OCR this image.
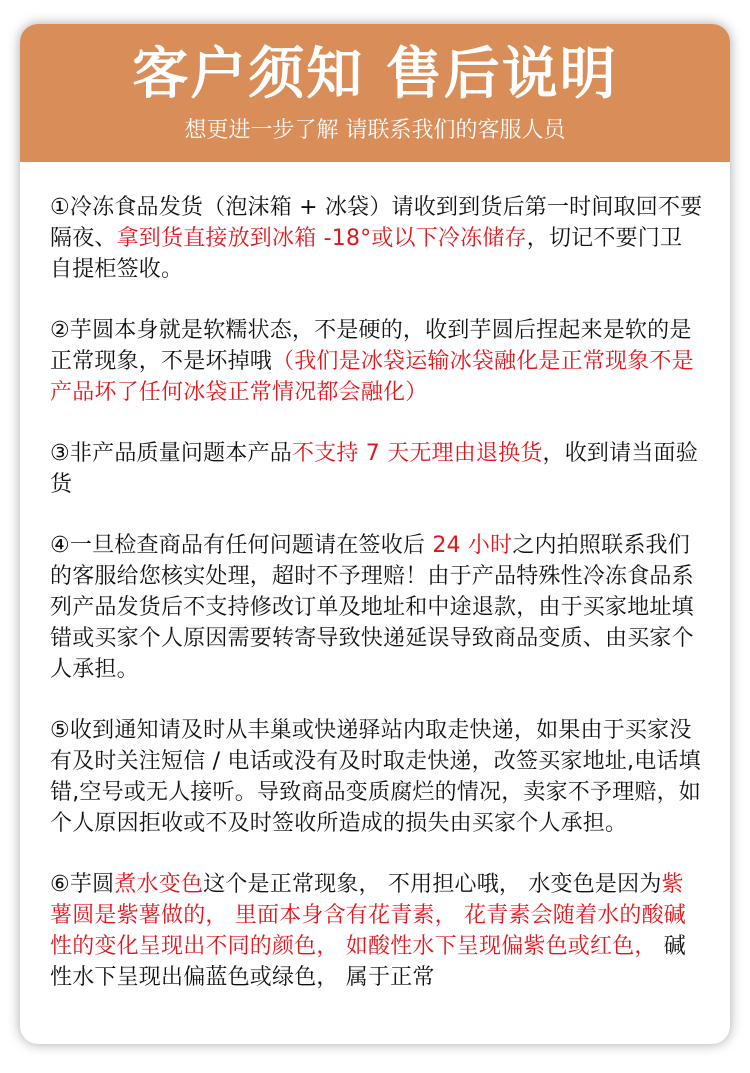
客户须知 售后说明
想更进一步了解 请联系我们的客服人员

①冷冻食品发货（泡沫箱 + 冰袋）请收到到货后第一时间取回不要隔夜、拿到货直接放到冰箱 -18°或以下冷冻储存，切记不要门卫自提柜签收。

②芋圆本身就是软糯状态，不是硬的，收到芋圆后捏起来是软的是正常现象，不是坏掉哦（我们是冰袋运输冰袋融化是正常现象不是产品坏了任何冰袋正常情况都会融化）

③非产品质量问题本产品不支持 7 天无理由退换货，收到请当面验货

④一旦检查商品有任何问题请在签收后 24 小时之内拍照联系我们的客服给您核实处理，超时不予理赔！由于产品特殊性冷冻食品系列产品发货后不支持修改订单及地址和中途退款，由于买家地址填错或买家个人原因需要转寄导致快递延误导致商品变质、由买家个人承担。

⑤收到通知请及时从丰巢或快递驿站内取走快递，如果由于买家没有及时关注短信 / 电话或没有及时取走快递，改签买家地址,电话填错,空号或无人接听。导致商品变质腐烂的情况，卖家不予理赔，如个人原因拒收或不及时签收所造成的损失由买家个人承担。

⑥芋圆煮水变色这个是正常现象， 不用担心哦， 水变色是因为紫薯圆是紫薯做的， 里面本身含有花青素， 花青素会随着水的酸碱性的变化呈现出不同的颜色， 如酸性水下呈现偏紫色或红色， 碱性水下呈现出偏蓝色或绿色， 属于正常
